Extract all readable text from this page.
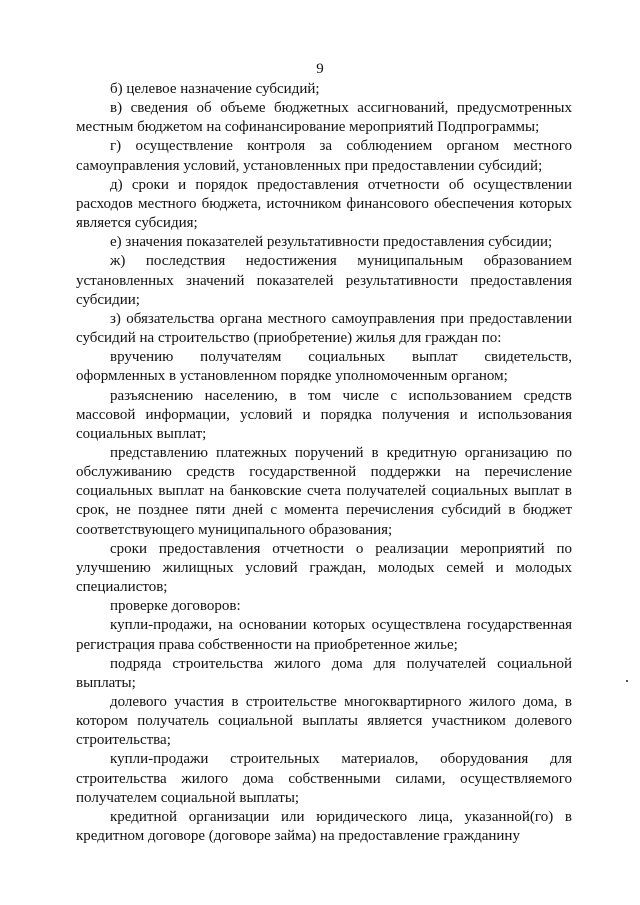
9

б) целевое назначение субсидий;

в) сведения об объеме бюджетных ассигнований, предусмотренных местным бюджетом на софинансирование мероприятий Подпрограммы;

г) осуществление контроля за соблюдением органом местного самоуправления условий, установленных при предоставлении субсидий;

д) сроки и порядок предоставления отчетности об осуществлении расходов местного бюджета, источником финансового обеспечения которых является субсидия;

е) значения показателей результативности предоставления субсидии;

ж) последствия недостижения муниципальным образованием установленных значений показателей результативности предоставления субсидии;

з) обязательства органа местного самоуправления при предоставлении субсидий на строительство (приобретение) жилья для граждан по:

вручению получателям социальных выплат свидетельств, оформленных в установленном порядке уполномоченным органом;

разъяснению населению, в том числе с использованием средств массовой информации, условий и порядка получения и использования социальных выплат;

представлению платежных поручений в кредитную организацию по обслуживанию средств государственной поддержки на перечисление социальных выплат на банковские счета получателей социальных выплат в срок, не позднее пяти дней с момента перечисления субсидий в бюджет соответствующего муниципального образования;

сроки предоставления отчетности о реализации мероприятий по улучшению жилищных условий граждан, молодых семей и молодых специалистов;

проверке договоров:

купли-продажи, на основании которых осуществлена государственная регистрация права собственности на приобретенное жилье;

подряда строительства жилого дома для получателей социальной выплаты;

долевого участия в строительстве многоквартирного жилого дома, в котором получатель социальной выплаты является участником долевого строительства;

купли-продажи строительных материалов, оборудования для строительства жилого дома собственными силами, осуществляемого получателем социальной выплаты;

кредитной организации или юридического лица, указанной(го) в кредитном договоре (договоре займа) на предоставление гражданину
